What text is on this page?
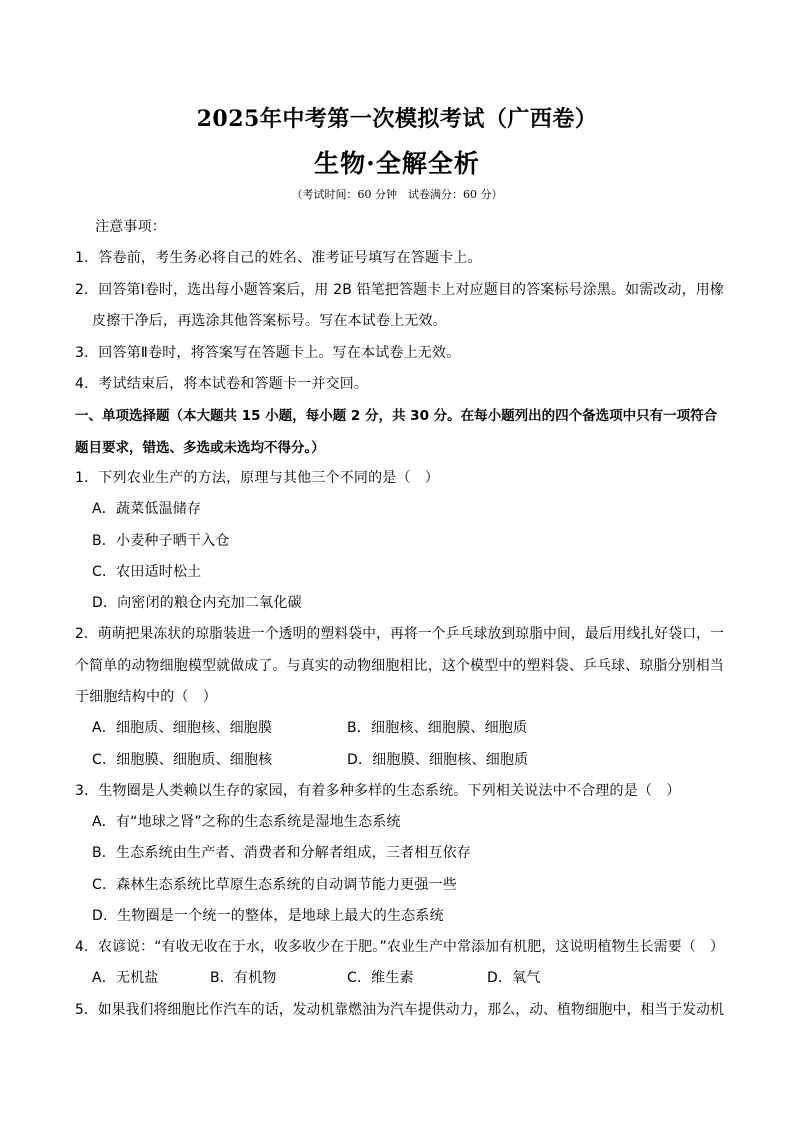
2025年中考第一次模拟考试（广西卷）
生物·全解全析
（考试时间：60 分钟　试卷满分：60 分）
注意事项：
1．答卷前，考生务必将自己的姓名、准考证号填写在答题卡上。
2．回答第Ⅰ卷时，选出每小题答案后，用 2B 铅笔把答题卡上对应题目的答案标号涂黑。如需改动，用橡
皮擦干净后，再选涂其他答案标号。写在本试卷上无效。
3．回答第Ⅱ卷时，将答案写在答题卡上。写在本试卷上无效。
4．考试结束后，将本试卷和答题卡一并交回。
一、单项选择题（本大题共 15 小题，每小题 2 分，共 30 分。在每小题列出的四个备选项中只有一项符合
题目要求，错选、多选或未选均不得分。）
1．下列农业生产的方法，原理与其他三个不同的是（　）
A．蔬菜低温储存
B．小麦种子晒干入仓
C．农田适时松土
D．向密闭的粮仓内充加二氧化碳
2．萌萌把果冻状的琼脂装进一个透明的塑料袋中，再将一个乒乓球放到琼脂中间，最后用线扎好袋口，一
个简单的动物细胞模型就做成了。与真实的动物细胞相比，这个模型中的塑料袋、乒乓球、琼脂分别相当
于细胞结构中的（　）
A．细胞质、细胞核、细胞膜	B．细胞核、细胞膜、细胞质
C．细胞膜、细胞质、细胞核	D．细胞膜、细胞核、细胞质
3．生物圈是人类赖以生存的家园，有着多种多样的生态系统。下列相关说法中不合理的是（　）
A．有“地球之肾”之称的生态系统是湿地生态系统
B．生态系统由生产者、消费者和分解者组成，三者相互依存
C．森林生态系统比草原生态系统的自动调节能力更强一些
D．生物圈是一个统一的整体，是地球上最大的生态系统
4．农谚说：“有收无收在于水，收多收少在于肥。”农业生产中常添加有机肥，这说明植物生长需要（　）
A．无机盐	B．有机物	C．维生素	D．氧气
5．如果我们将细胞比作汽车的话，发动机靠燃油为汽车提供动力，那么，动、植物细胞中，相当于发动机
